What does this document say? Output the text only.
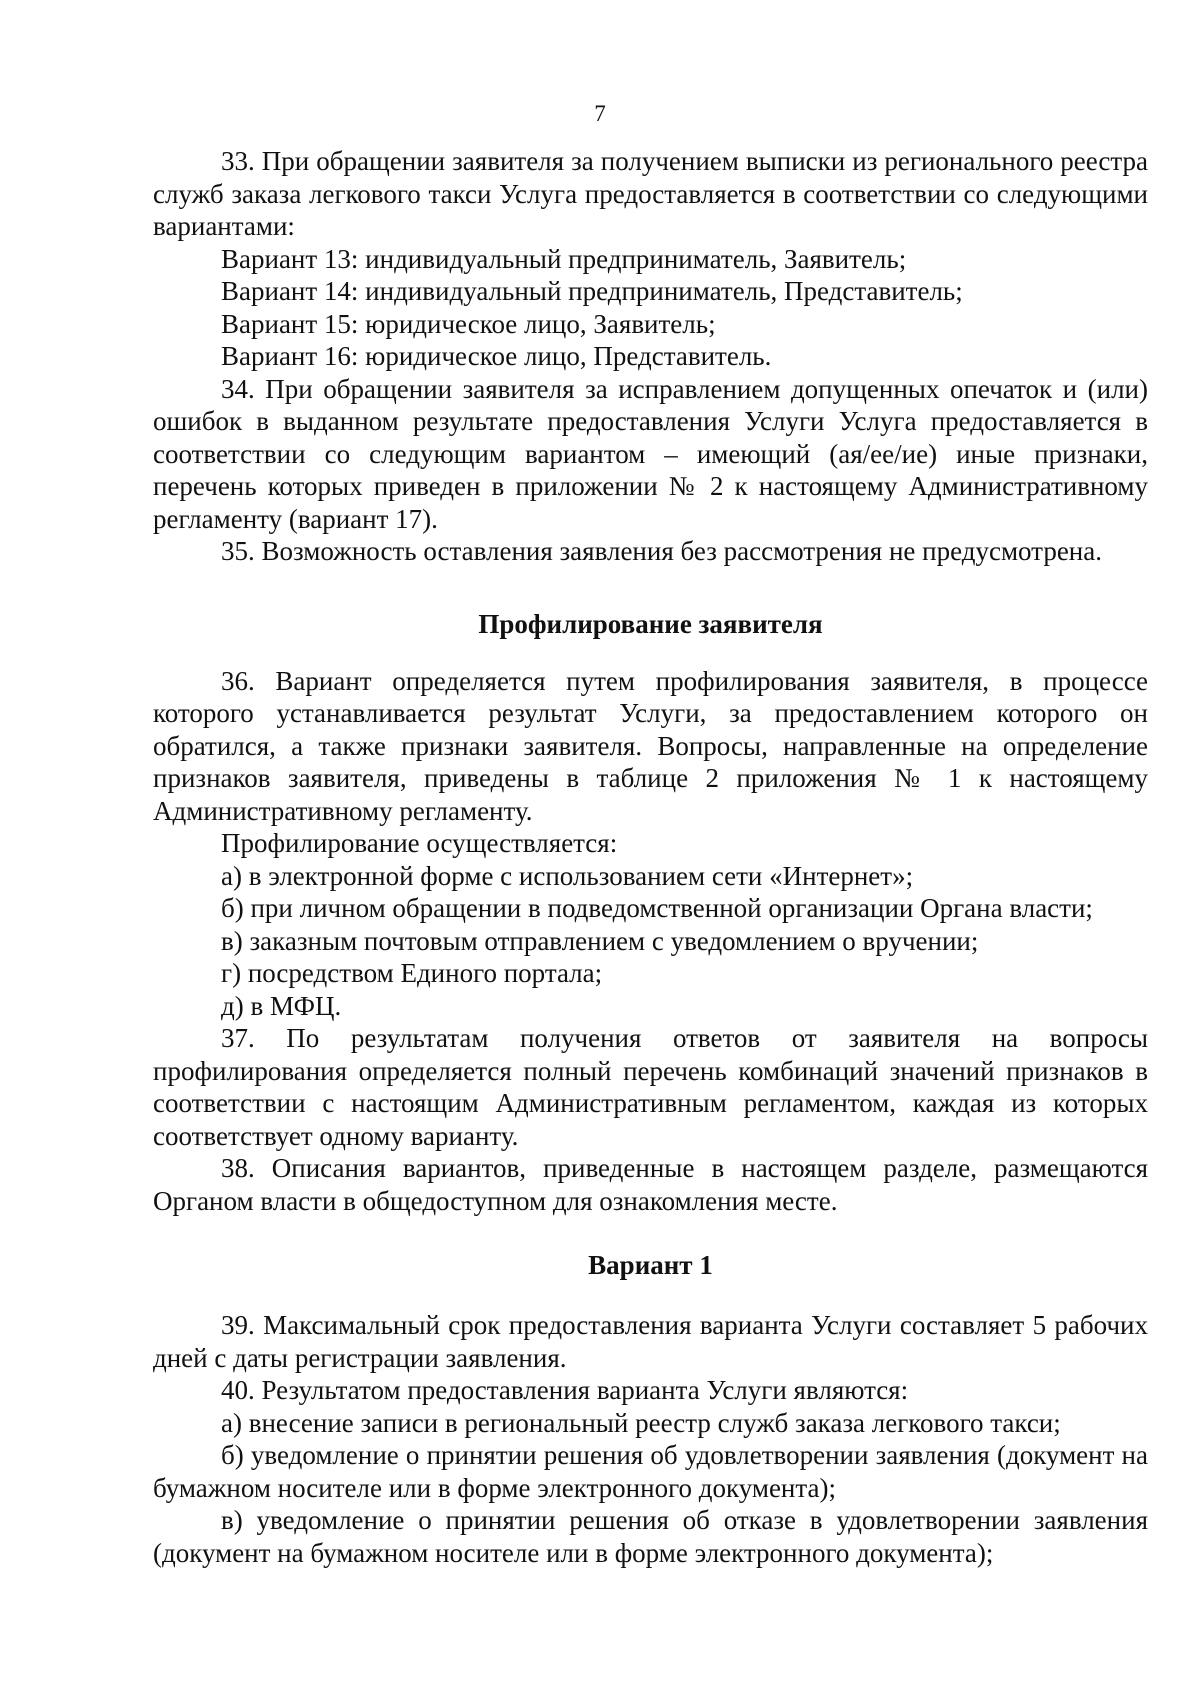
7

33. При обращении заявителя за получением выписки из регионального реестра служб заказа легкового такси Услуга предоставляется в соответствии со следующими вариантами:

Вариант 13: индивидуальный предприниматель, Заявитель;

Вариант 14: индивидуальный предприниматель, Представитель;

Вариант 15: юридическое лицо, Заявитель;

Вариант 16: юридическое лицо, Представитель.

34. При обращении заявителя за исправлением допущенных опечаток и (или) ошибок в выданном результате предоставления Услуги Услуга предоставляется в соответствии со следующим вариантом – имеющий (ая/ее/ие) иные признаки, перечень которых приведен в приложении № 2 к настоящему Административному регламенту (вариант 17).

35. Возможность оставления заявления без рассмотрения не предусмотрена.

Профилирование заявителя

36. Вариант определяется путем профилирования заявителя, в процессе которого устанавливается результат Услуги, за предоставлением которого он обратился, а также признаки заявителя. Вопросы, направленные на определение признаков заявителя, приведены в таблице 2 приложения № 1 к настоящему Административному регламенту.

Профилирование осуществляется:

а) в электронной форме с использованием сети «Интернет»;

б) при личном обращении в подведомственной организации Органа власти;

в) заказным почтовым отправлением с уведомлением о вручении;

г) посредством Единого портала;

д) в МФЦ.

37. По результатам получения ответов от заявителя на вопросы профилирования определяется полный перечень комбинаций значений признаков в соответствии с настоящим Административным регламентом, каждая из которых соответствует одному варианту.

38. Описания вариантов, приведенные в настоящем разделе, размещаются Органом власти в общедоступном для ознакомления месте.

Вариант 1

39. Максимальный срок предоставления варианта Услуги составляет 5 рабочих дней с даты регистрации заявления.

40. Результатом предоставления варианта Услуги являются:

а) внесение записи в региональный реестр служб заказа легкового такси;

б) уведомление о принятии решения об удовлетворении заявления (документ на бумажном носителе или в форме электронного документа);

в) уведомление о принятии решения об отказе в удовлетворении заявления (документ на бумажном носителе или в форме электронного документа);
